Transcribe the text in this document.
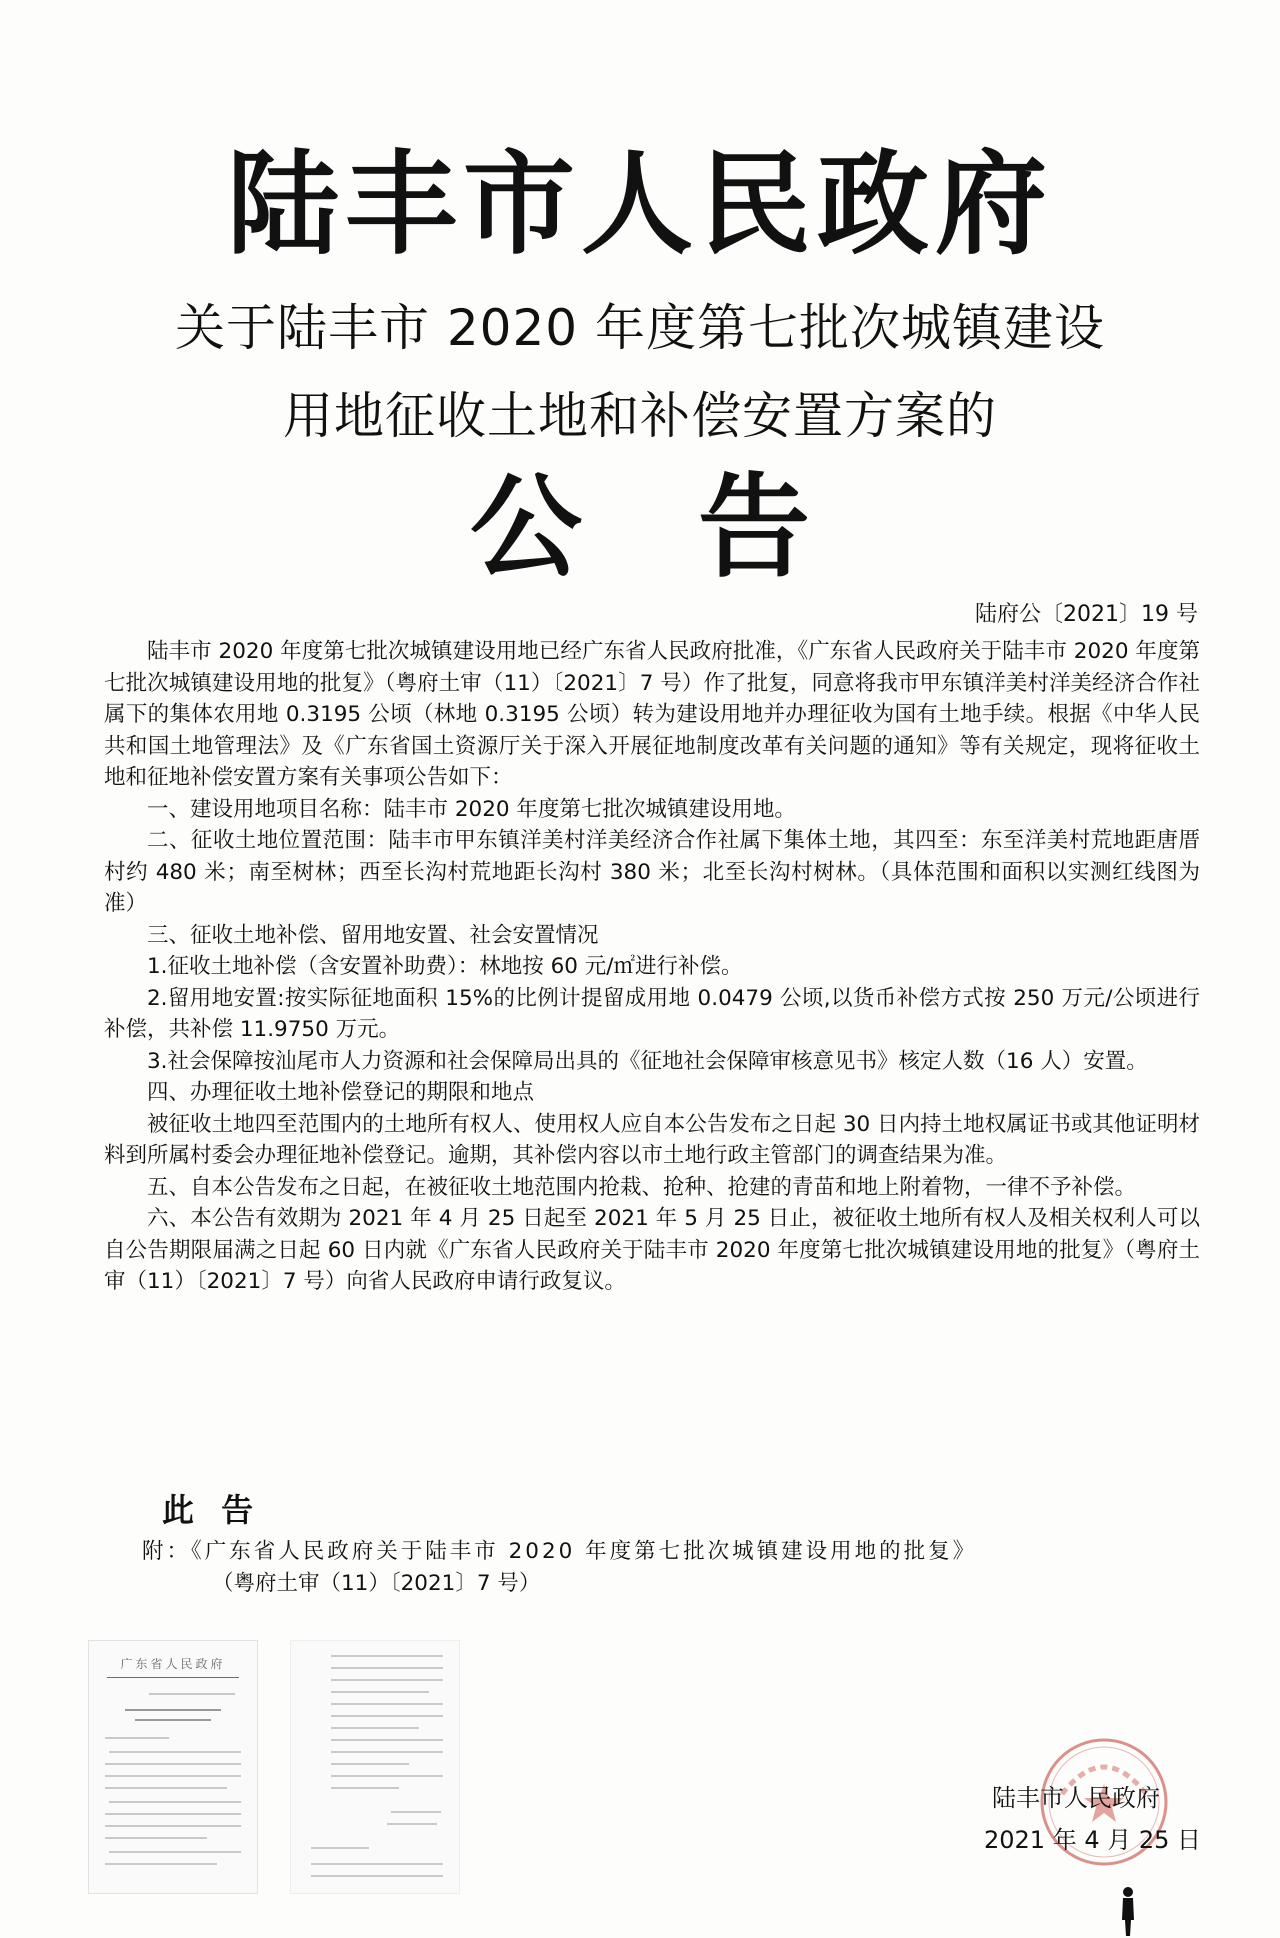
陆丰市人民政府
关于陆丰市 2020 年度第七批次城镇建设
用地征收土地和补偿安置方案的
公 告
陆府公〔2021〕19 号

陆丰市 2020 年度第七批次城镇建设用地已经广东省人民政府批准，《广东省人民政府关于陆丰市 2020 年度第七批次城镇建设用地的批复》（粤府土审（11）〔2021〕7 号）作了批复，同意将我市甲东镇洋美村洋美经济合作社属下的集体农用地 0.3195 公顷（林地 0.3195 公顷）转为建设用地并办理征收为国有土地手续。根据《中华人民共和国土地管理法》及《广东省国土资源厅关于深入开展征地制度改革有关问题的通知》等有关规定，现将征收土地和征地补偿安置方案有关事项公告如下：

一、建设用地项目名称：陆丰市 2020 年度第七批次城镇建设用地。

二、征收土地位置范围：陆丰市甲东镇洋美村洋美经济合作社属下集体土地，其四至：东至洋美村荒地距唐厝村约 480 米；南至树林；西至长沟村荒地距长沟村 380 米；北至长沟村树林。（具体范围和面积以实测红线图为准）

三、征收土地补偿、留用地安置、社会安置情况

1.征收土地补偿（含安置补助费）：林地按 60 元/㎡进行补偿。

2.留用地安置:按实际征地面积 15%的比例计提留成用地 0.0479 公顷,以货币补偿方式按 250 万元/公顷进行补偿，共补偿 11.9750 万元。

3.社会保障按汕尾市人力资源和社会保障局出具的《征地社会保障审核意见书》核定人数（16 人）安置。

四、办理征收土地补偿登记的期限和地点

被征收土地四至范围内的土地所有权人、使用权人应自本公告发布之日起 30 日内持土地权属证书或其他证明材料到所属村委会办理征地补偿登记。逾期，其补偿内容以市土地行政主管部门的调查结果为准。

五、自本公告发布之日起，在被征收土地范围内抢栽、抢种、抢建的青苗和地上附着物，一律不予补偿。

六、本公告有效期为 2021 年 4 月 25 日起至 2021 年 5 月 25 日止，被征收土地所有权人及相关权利人可以自公告期限届满之日起 60 日内就《广东省人民政府关于陆丰市 2020 年度第七批次城镇建设用地的批复》（粤府土审（11）〔2021〕7 号）向省人民政府申请行政复议。

此 告
附：《广东省人民政府关于陆丰市 2020 年度第七批次城镇建设用地的批复》
（粤府土审（11）〔2021〕7 号）
广东省人民政府
陆丰市人民政府
2021 年 4 月 25 日
